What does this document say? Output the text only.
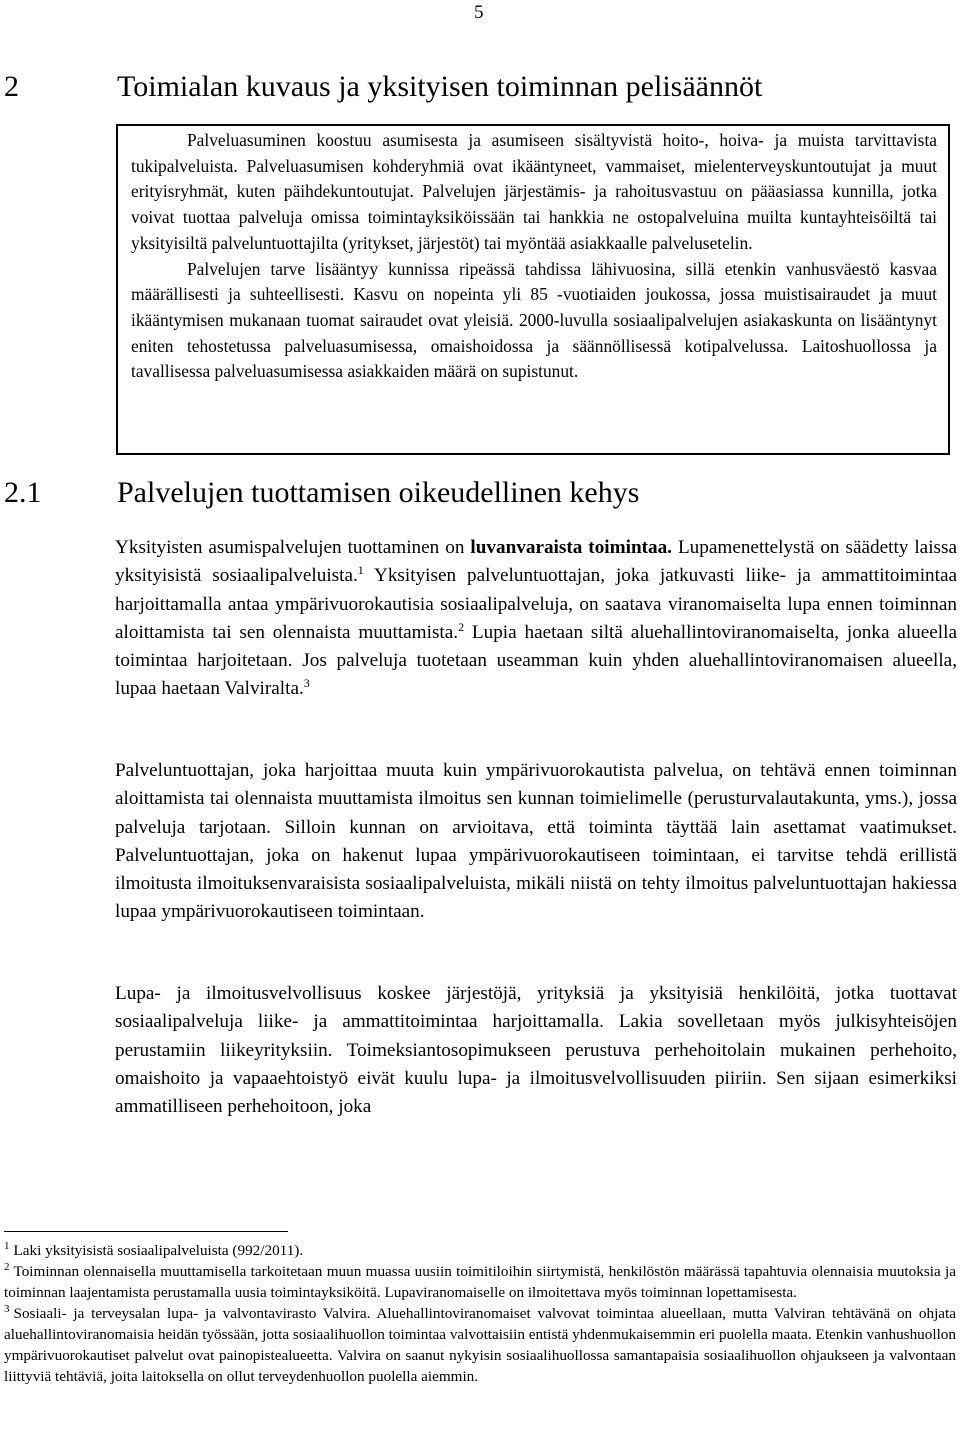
5
2	Toimialan kuvaus ja yksityisen toiminnan pelisäännöt

Palveluasuminen koostuu asumisesta ja asumiseen sisältyvistä hoito-, hoiva- ja muista tarvittavista tukipalveluista. Palveluasumisen kohderyhmiä ovat ikääntyneet, vammaiset, mielenterveyskuntoutujat ja muut erityisryhmät, kuten päihdekuntoutujat. Palvelujen järjestämis- ja rahoitusvastuu on pääasiassa kunnilla, jotka voivat tuottaa palveluja omissa toimintayksiköissään tai hankkia ne ostopalveluina muilta kuntayhteisöiltä tai yksityisiltä palveluntuottajilta (yritykset, järjestöt) tai myöntää asiakkaalle palvelusetelin.

Palvelujen tarve lisääntyy kunnissa ripeässä tahdissa lähivuosina, sillä etenkin vanhusväestö kasvaa määrällisesti ja suhteellisesti. Kasvu on nopeinta yli 85 -vuotiaiden joukossa, jossa muistisairaudet ja muut ikääntymisen mukanaan tuomat sairaudet ovat yleisiä. 2000-luvulla sosiaalipalvelujen asiakaskunta on lisääntynyt eniten tehostetussa palveluasumisessa, omaishoidossa ja säännöllisessä kotipalvelussa. Laitoshuollossa ja tavallisessa palveluasumisessa asiakkaiden määrä on supistunut.

2.1	Palvelujen tuottamisen oikeudellinen kehys

Yksityisten asumispalvelujen tuottaminen on luvanvaraista toimintaa. Lupamenettelystä on säädetty laissa yksityisistä sosiaalipalveluista.$^1$ Yksityisen palveluntuottajan, joka jatkuvasti liike- ja ammattitoimintaa harjoittamalla antaa ympärivuorokautisia sosiaalipalveluja, on saatava viranomaiselta lupa ennen toiminnan aloittamista tai sen olennaista muuttamista.$^2$ Lupia haetaan siltä aluehallintoviranomaiselta, jonka alueella toimintaa harjoitetaan. Jos palveluja tuotetaan useamman kuin yhden aluehallintoviranomaisen alueella, lupaa haetaan Valviralta.$^3$

Palveluntuottajan, joka harjoittaa muuta kuin ympärivuorokautista palvelua, on tehtävä ennen toiminnan aloittamista tai olennaista muuttamista ilmoitus sen kunnan toimielimelle (perusturvalautakunta, yms.), jossa palveluja tarjotaan. Silloin kunnan on arvioitava, että toiminta täyttää lain asettamat vaatimukset. Palveluntuottajan, joka on hakenut lupaa ympärivuorokautiseen toimintaan, ei tarvitse tehdä erillistä ilmoitusta ilmoituksenvaraisista sosiaalipalveluista, mikäli niistä on tehty ilmoitus palveluntuottajan hakiessa lupaa ympärivuorokautiseen toimintaan.

Lupa- ja ilmoitusvelvollisuus koskee järjestöjä, yrityksiä ja yksityisiä henkilöitä, jotka tuottavat sosiaalipalveluja liike- ja ammattitoimintaa harjoittamalla. Lakia sovelletaan myös julkisyhteisöjen perustamiin liikeyrityksiin. Toimeksiantosopimukseen perustuva perhehoitolain mukainen perhehoito, omaishoito ja vapaaehtoistyö eivät kuulu lupa- ja ilmoitusvelvollisuuden piiriin. Sen sijaan esimerkiksi ammatilliseen perhehoitoon, joka

$^1$ Laki yksityisistä sosiaalipalveluista (992/2011).

$^2$ Toiminnan olennaisella muuttamisella tarkoitetaan muun muassa uusiin toimitiloihin siirtymistä, henkilöstön määrässä tapahtuvia olennaisia muutoksia ja toiminnan laajentamista perustamalla uusia toimintayksiköitä. Lupaviranomaiselle on ilmoitettava myös toiminnan lopettamisesta.

$^3$ Sosiaali- ja terveysalan lupa- ja valvontavirasto Valvira. Aluehallintoviranomaiset valvovat toimintaa alueellaan, mutta Valviran tehtävänä on ohjata aluehallintoviranomaisia heidän työssään, jotta sosiaalihuollon toimintaa valvottaisiin entistä yhdenmukaisemmin eri puolella maata. Etenkin vanhushuollon ympärivuorokautiset palvelut ovat painopistealueetta. Valvira on saanut nykyisin sosiaalihuollossa samantapaisia sosiaalihuollon ohjaukseen ja valvontaan liittyviä tehtäviä, joita laitoksella on ollut terveydenhuollon puolella aiemmin.
